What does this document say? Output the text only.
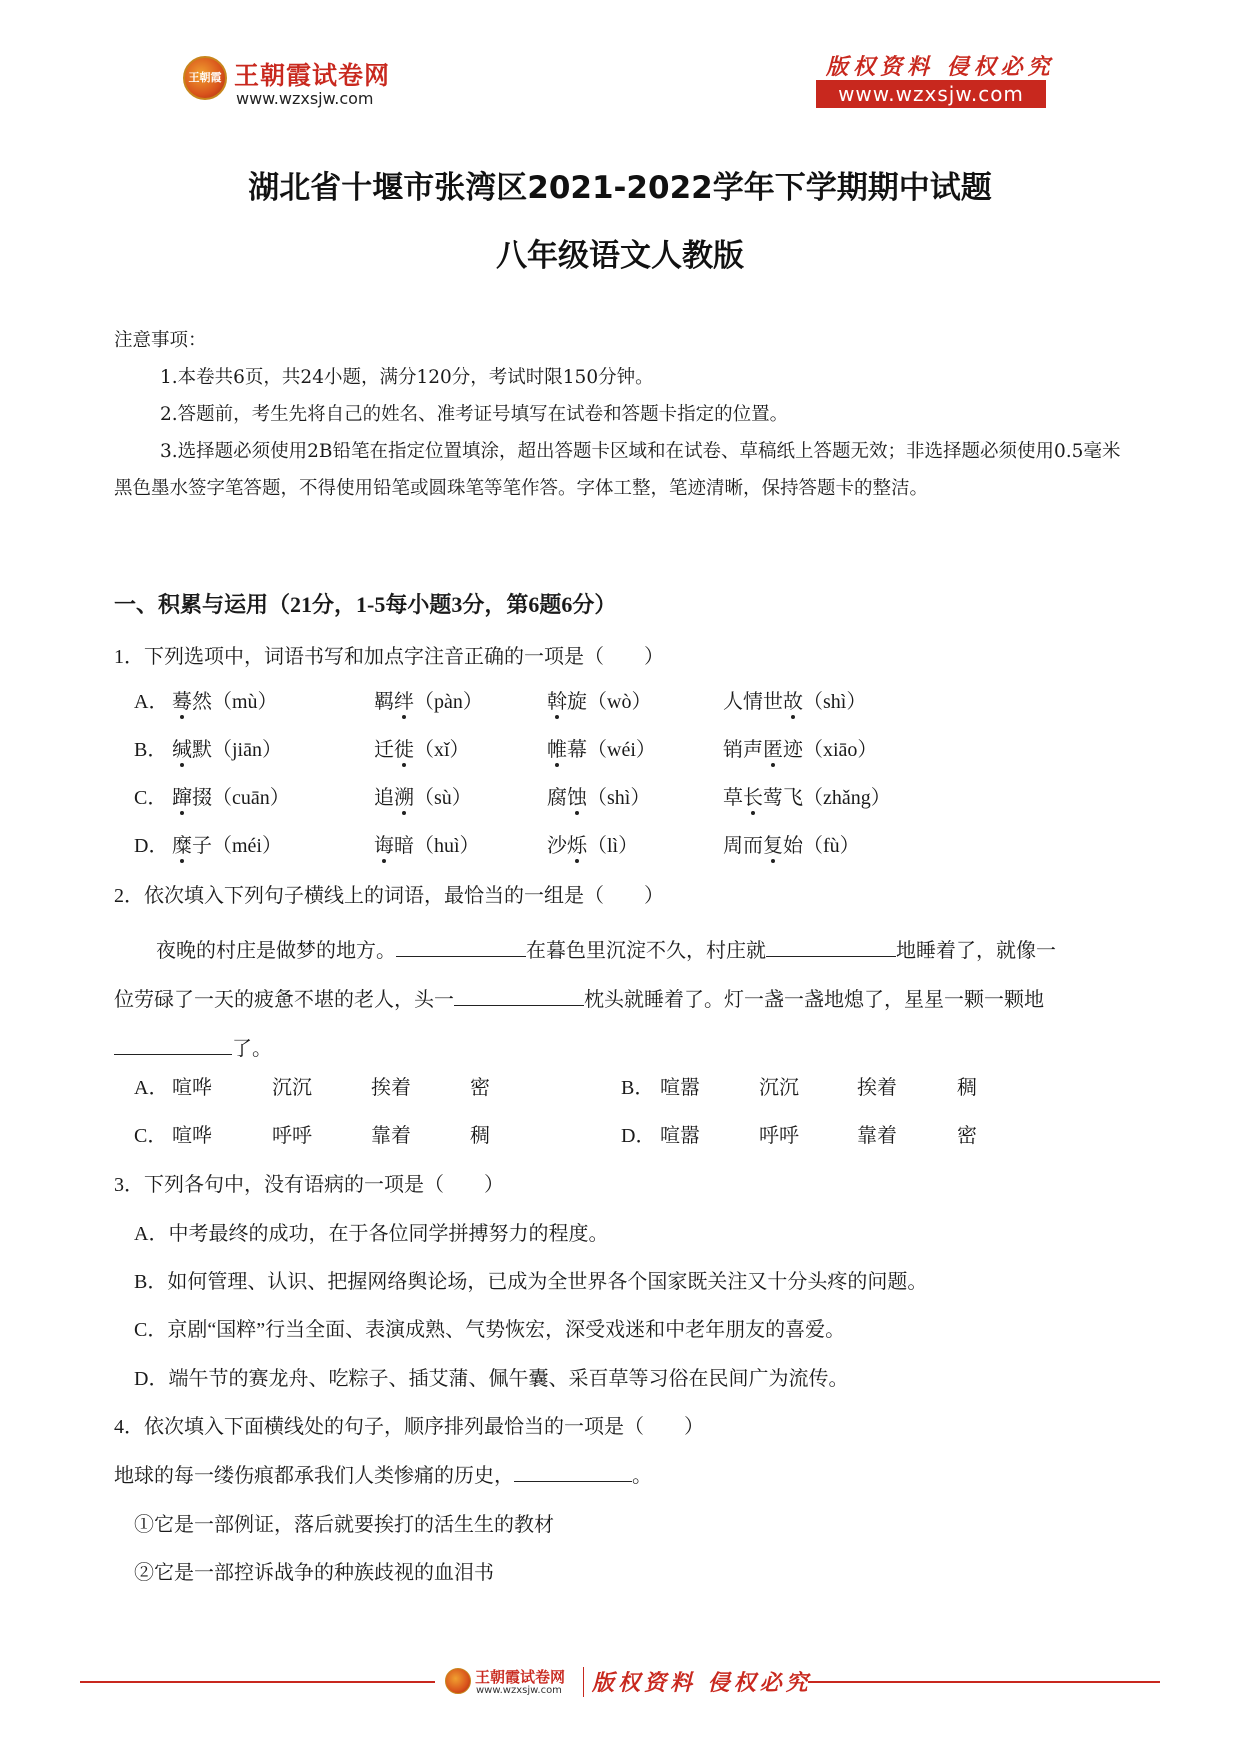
王朝霞 王朝霞试卷网
www.wzxsjw.com
版权资料 侵权必究
www.wzxsjw.com
湖北省十堰市张湾区2021-2022学年下学期期中试题
八年级语文人教版

注意事项：

1.本卷共6页，共24小题，满分120分，考试时限150分钟。

2.答题前，考生先将自己的姓名、准考证号填写在试卷和答题卡指定的位置。

3.选择题必须使用2B铅笔在指定位置填涂，超出答题卡区域和在试卷、草稿纸上答题无效；非选择题必须使用0.5毫米黑色墨水签字笔答题，不得使用铅笔或圆珠笔等笔作答。字体工整，笔迹清晰，保持答题卡的整洁。

一、积累与运用（21分，1-5每小题3分，第6题6分）
1．下列选项中，词语书写和加点字注音正确的一项是（　　）
A． 蓦然（mù）	羁绊（pàn）	斡旋（wò）	人情世故（shì）
B． 缄默（jiān）	迁徙（xǐ）	帷幕（wéi）	销声匿迹（xiāo）
C． 蹿掇（cuān）	追溯（sù）	腐蚀（shì）	草长莺飞（zhǎng）
D． 糜子（méi）	诲暗（huì）	沙烁（lì）	周而复始（fù）
2．依次填入下列句子横线上的词语，最恰当的一组是（　　）

夜晚的村庄是做梦的地方。	在暮色里沉淀不久，村庄就	地睡着了，就像一

位劳碌了一天的疲惫不堪的老人，头一	枕头就睡着了。灯一盏一盏地熄了，星星一颗一颗地

了。

A． 喧哗	沉沉	挨着	密	B． 喧嚣	沉沉	挨着	稠
C． 喧哗	呼呼	靠着	稠	D． 喧嚣	呼呼	靠着	密
3．下列各句中，没有语病的一项是（　　）
A．中考最终的成功，在于各位同学拼搏努力的程度。
B．如何管理、认识、把握网络舆论场，已成为全世界各个国家既关注又十分头疼的问题。
C．京剧“国粹”行当全面、表演成熟、气势恢宏，深受戏迷和中老年朋友的喜爱。
D．端午节的赛龙舟、吃粽子、插艾蒲、佩午囊、采百草等习俗在民间广为流传。
4．依次填入下面横线处的句子，顺序排列最恰当的一项是（　　）
地球的每一缕伤痕都承我们人类惨痛的历史，	。
①它是一部例证，落后就要挨打的活生生的教材
②它是一部控诉战争的种族歧视的血泪书
王朝霞试卷网
www.wzxsjw.com 版权资料 侵权必究
